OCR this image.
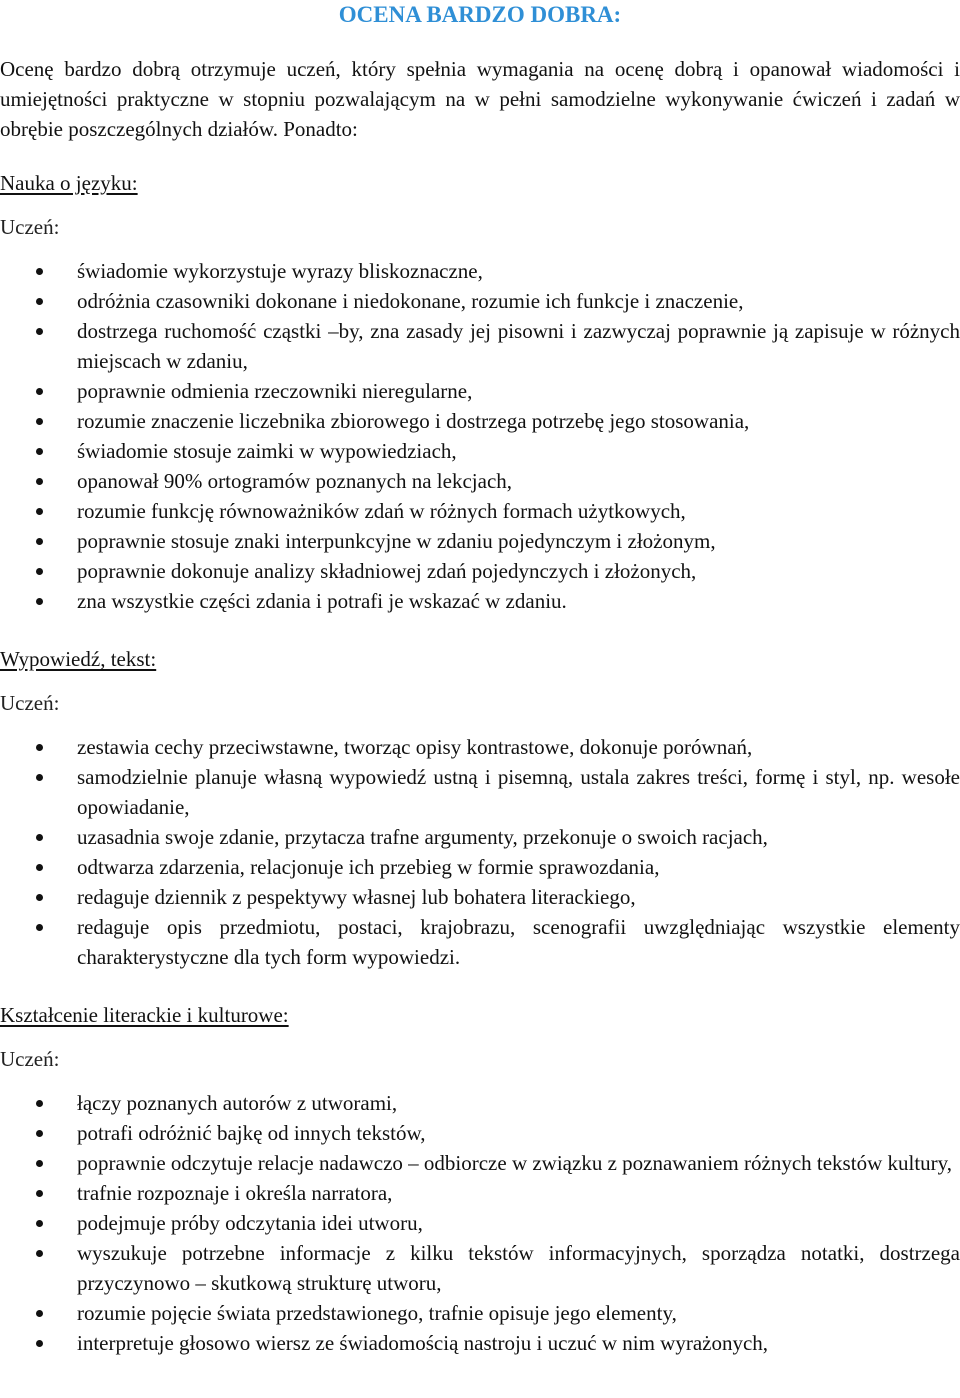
OCENA BARDZO DOBRA:

Ocenę bardzo dobrą otrzymuje uczeń, który spełnia wymagania na ocenę dobrą i opanował wiadomości i umiejętności praktyczne w stopniu pozwalającym na w pełni samodzielne wykonywanie ćwiczeń i zadań w obrębie poszczególnych działów. Ponadto:

Nauka o języku:

Uczeń:

świadomie wykorzystuje wyrazy bliskoznaczne,
odróżnia czasowniki dokonane i niedokonane, rozumie ich funkcje i znaczenie,
dostrzega ruchomość cząstki –by, zna zasady jej pisowni i zazwyczaj poprawnie ją zapisuje w różnych miejscach w zdaniu,
poprawnie odmienia rzeczowniki nieregularne,
rozumie znaczenie liczebnika zbiorowego i dostrzega potrzebę jego stosowania,
świadomie stosuje zaimki w wypowiedziach,
opanował 90% ortogramów poznanych na lekcjach,
rozumie funkcję równoważników zdań w różnych formach użytkowych,
poprawnie stosuje znaki interpunkcyjne w zdaniu pojedynczym i złożonym,
poprawnie dokonuje analizy składniowej zdań pojedynczych i złożonych,
zna wszystkie części zdania i potrafi je wskazać w zdaniu.
Wypowiedź, tekst:

Uczeń:

zestawia cechy przeciwstawne, tworząc opisy kontrastowe, dokonuje porównań,
samodzielnie planuje własną wypowiedź ustną i pisemną, ustala zakres treści, formę i styl, np. wesołe opowiadanie,
uzasadnia swoje zdanie, przytacza trafne argumenty, przekonuje o swoich racjach,
odtwarza zdarzenia, relacjonuje ich przebieg w formie sprawozdania,
redaguje dziennik z pespektywy własnej lub bohatera literackiego,
redaguje opis przedmiotu, postaci, krajobrazu, scenografii uwzględniając wszystkie elementy charakterystyczne dla tych form wypowiedzi.
Kształcenie literackie i kulturowe:

Uczeń:

łączy poznanych autorów z utworami,
potrafi odróżnić bajkę od innych tekstów,
poprawnie odczytuje relacje nadawczo – odbiorcze w związku z poznawaniem różnych tekstów kultury,
trafnie rozpoznaje i określa narratora,
podejmuje próby odczytania idei utworu,
wyszukuje potrzebne informacje z kilku tekstów informacyjnych, sporządza notatki, dostrzega przyczynowo – skutkową strukturę utworu,
rozumie pojęcie świata przedstawionego, trafnie opisuje jego elementy,
interpretuje głosowo wiersz ze świadomością nastroju i uczuć w nim wyrażonych,
